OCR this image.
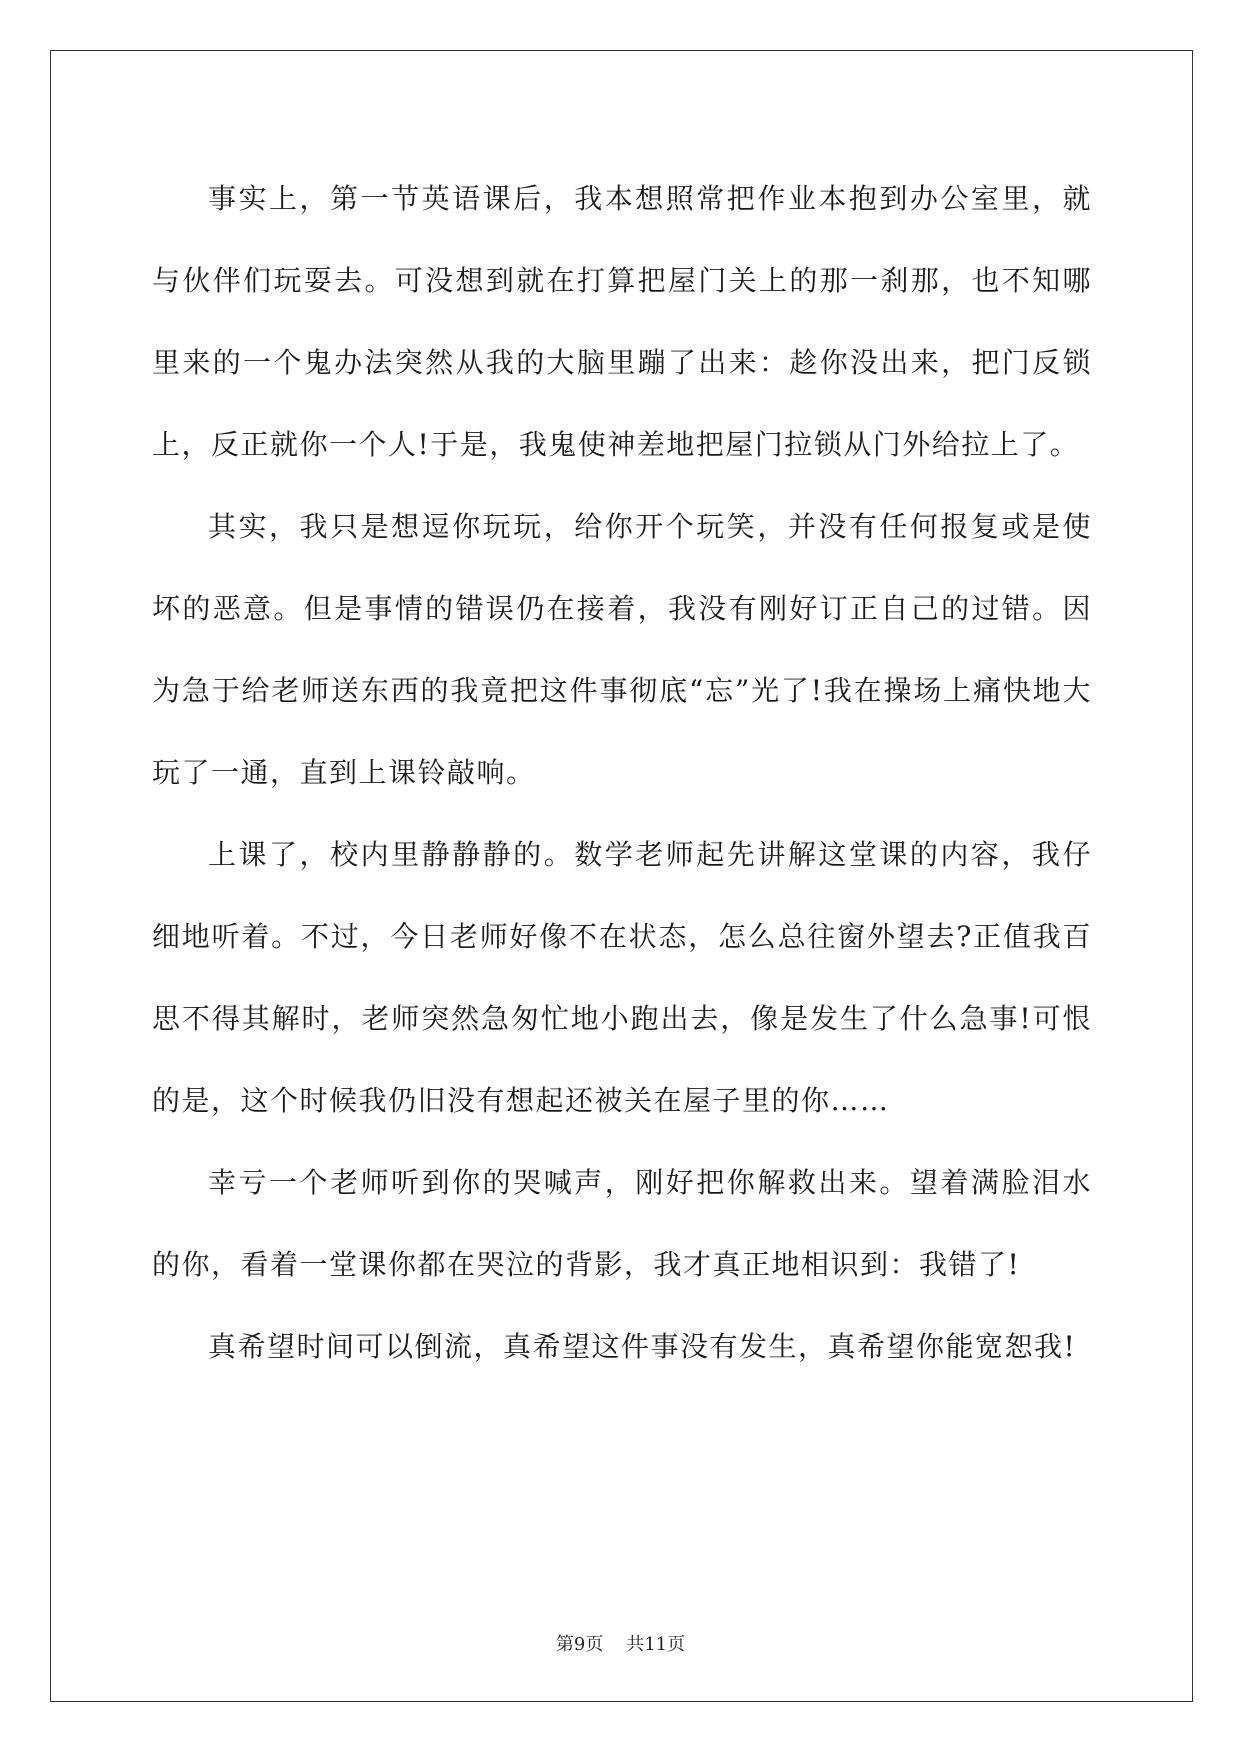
事实上，第一节英语课后，我本想照常把作业本抱到办公室里，就与伙伴们玩耍去。可没想到就在打算把屋门关上的那一刹那，也不知哪里来的一个鬼办法突然从我的大脑里蹦了出来：趁你没出来，把门反锁上，反正就你一个人!于是，我鬼使神差地把屋门拉锁从门外给拉上了。

其实，我只是想逗你玩玩，给你开个玩笑，并没有任何报复或是使坏的恶意。但是事情的错误仍在接着，我没有刚好订正自己的过错。因为急于给老师送东西的我竟把这件事彻底“忘”光了!我在操场上痛快地大玩了一通，直到上课铃敲响。

上课了，校内里静静静的。数学老师起先讲解这堂课的内容，我仔细地听着。不过，今日老师好像不在状态，怎么总往窗外望去?正值我百思不得其解时，老师突然急匆忙地小跑出去，像是发生了什么急事!可恨的是，这个时候我仍旧没有想起还被关在屋子里的你……

幸亏一个老师听到你的哭喊声，刚好把你解救出来。望着满脸泪水的你，看着一堂课你都在哭泣的背影，我才真正地相识到：我错了!

真希望时间可以倒流，真希望这件事没有发生，真希望你能宽恕我!

第9页 共11页
